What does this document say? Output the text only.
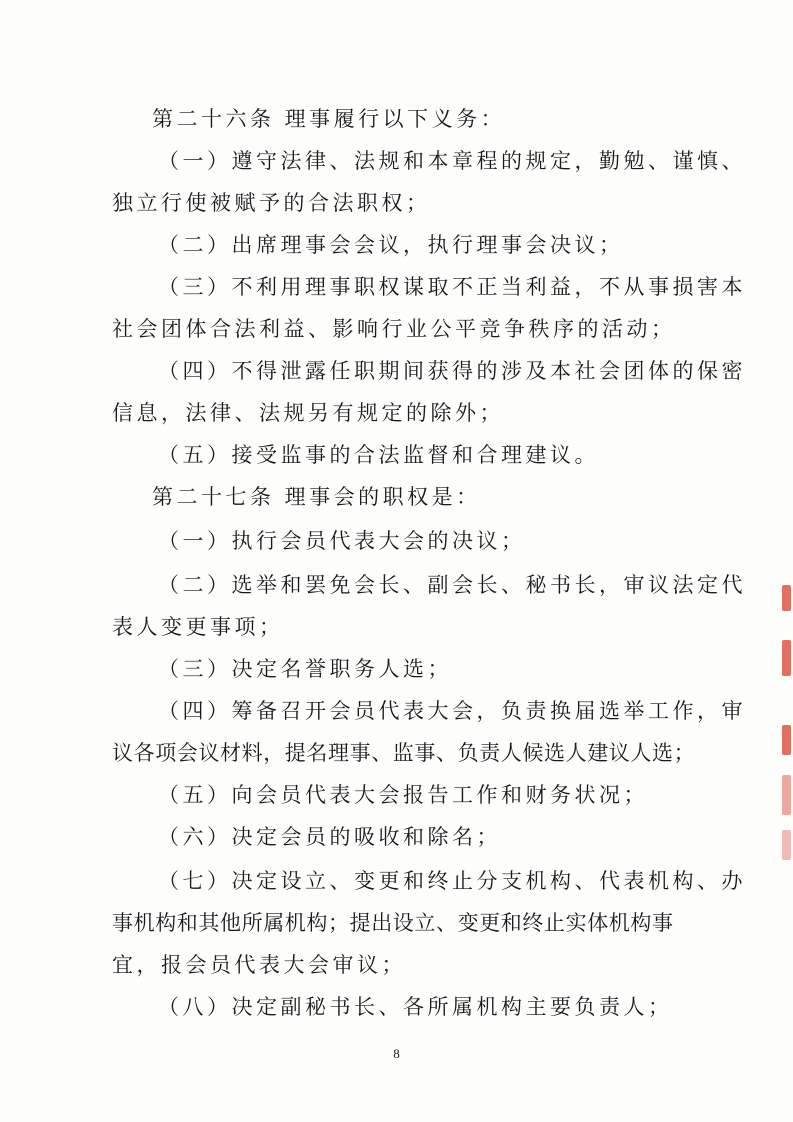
第二十六条 理事履行以下义务：
（一）遵守法律、法规和本章程的规定，勤勉、谨慎、
独立行使被赋予的合法职权；
（二）出席理事会会议，执行理事会决议；
（三）不利用理事职权谋取不正当利益，不从事损害本
社会团体合法利益、影响行业公平竞争秩序的活动；
（四）不得泄露任职期间获得的涉及本社会团体的保密
信息，法律、法规另有规定的除外；
（五）接受监事的合法监督和合理建议。
第二十七条 理事会的职权是：
（一）执行会员代表大会的决议；
（二）选举和罢免会长、副会长、秘书长，审议法定代
表人变更事项；
（三）决定名誉职务人选；
（四）筹备召开会员代表大会，负责换届选举工作，审
议各项会议材料，提名理事、监事、负责人候选人建议人选；
（五）向会员代表大会报告工作和财务状况；
（六）决定会员的吸收和除名；
（七）决定设立、变更和终止分支机构、代表机构、办
事机构和其他所属机构；提出设立、变更和终止实体机构事
宜，报会员代表大会审议；
（八）决定副秘书长、各所属机构主要负责人；
8
